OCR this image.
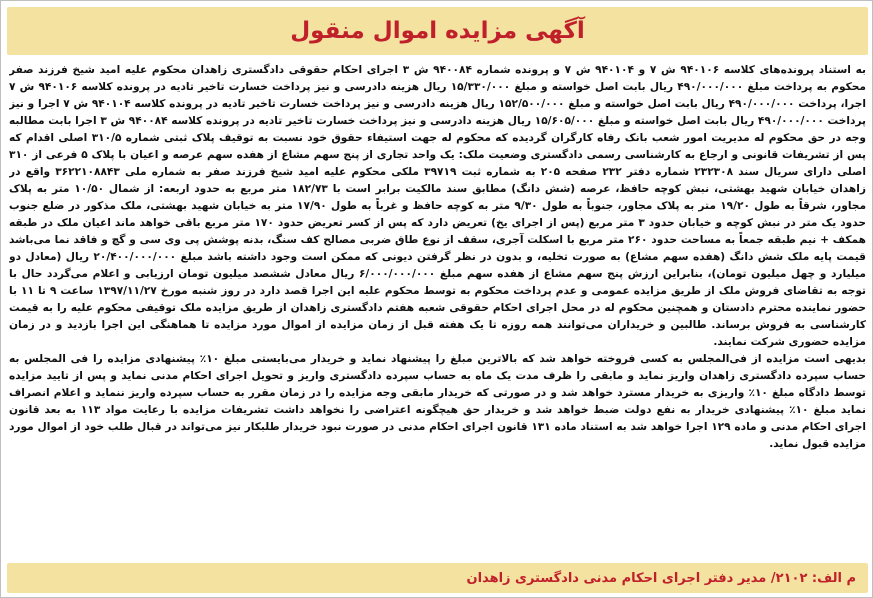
آگهی مزایده اموال منقول

به استناد پرونده‌های کلاسه ۹۴۰۱۰۶ ش ۷ و ۹۴۰۱۰۴ ش ۷ و پرونده شماره ۹۴۰۰۸۴ ش ۳ اجرای احکام حقوقی دادگستری زاهدان محکوم علیه امید شیخ فرزند صفر محکوم به پرداخت مبلغ ۴۹۰/۰۰۰/۰۰۰ ریال بابت اصل خواسته و مبلغ ۱۵/۳۳۰/۰۰۰ ریال هزینه دادرسی و نیز پرداخت خسارت تاخیر تادیه در پرونده کلاسه ۹۴۰۱۰۶ ش ۷ اجرا، پرداخت ۴۹۰/۰۰۰/۰۰۰ ریال بابت اصل خواسته و مبلغ ۱۵۲/۵۰۰/۰۰۰ ریال هزینه دادرسی و نیز پرداخت خسارت تاخیر تادیه در پرونده کلاسه ۹۴۰۱۰۴ ش ۷ اجرا و نیز پرداخت ۴۹۰/۰۰۰/۰۰۰ ریال بابت اصل خواسته و مبلغ ۱۵/۶۰۵/۰۰۰ ریال هزینه دادرسی و نیز پرداخت خسارت تاخیر تادیه در پرونده کلاسه ۹۴۰۰۸۴ ش ۳ اجرا بابت مطالبه وجه در حق محکوم له مدیریت امور شعب بانک رفاه کارگران گردیده که محکوم له جهت استیفاء حقوق خود نسبت به توقیف پلاک ثبتی شماره ۳۱۰/۵ اصلی اقدام که پس از تشریفات قانونی و ارجاع به کارشناسی رسمی دادگستری وضعیت ملک: یک واحد تجاری از پنج سهم مشاع از هفده سهم عرصه و اعیان با پلاک ۵ فرعی از ۳۱۰ اصلی دارای سریال سند ۲۳۲۳۰۸ شماره دفتر ۲۳۲ صفحه ۲۰۵ به شماره ثبت ۳۹۷۱۹ ملکی محکوم علیه امید شیخ فرزند صفر به شماره ملی ۳۶۲۲۱۰۸۸۴۳ واقع در زاهدان خیابان شهید بهشتی، نبش کوچه حافظ، عرصه (شش دانگ) مطابق سند مالکیت برابر است با ۱۸۲/۷۳ متر مربع به حدود اربعه: از شمال ۱۰/۵۰ متر به پلاک مجاور، شرقاً به طول ۱۹/۲۰ متر به پلاک مجاور، جنوباً به طول ۹/۳۰ متر به کوچه حافظ و غرباً به طول ۱۷/۹۰ متر به خیابان شهید بهشتی، ملک مذکور در ضلع جنوب حدود یک متر در نبش کوچه و خیابان حدود ۳ متر مربع (پس از اجرای یخ) تعریض دارد که پس از کسر تعریض حدود ۱۷۰ متر مربع باقی خواهد ماند اعیان ملک در طبقه همکف + نیم طبقه جمعاً به مساحت حدود ۲۶۰ متر مربع با اسکلت آجری، سقف از نوع طاق ضربی مصالح کف سنگ، بدنه پوشش پی وی سی و گچ و فاقد نما می‌باشد قیمت پایه ملک شش دانگ (هفده سهم مشاع) به صورت تخلیه، و بدون در نظر گرفتن دیونی که ممکن است وجود داشته باشد مبلغ ۲۰/۴۰۰/۰۰۰/۰۰۰ ریال (معادل دو میلیارد و چهل میلیون تومان)، بنابراین ارزش پنج سهم مشاع از هفده سهم مبلغ ۶/۰۰۰/۰۰۰/۰۰۰ ریال معادل ششصد میلیون تومان ارزیابی و اعلام می‌گردد حال با توجه به تقاضای فروش ملک از طریق مزایده عمومی و عدم پرداخت محکوم به توسط محکوم علیه این اجرا قصد دارد در روز شنبه مورخ ۱۳۹۷/۱۱/۲۷ ساعت ۹ تا ۱۱ با حضور نماینده محترم دادستان و همچنین محکوم له در محل اجرای احکام حقوقی شعبه هفتم دادگستری زاهدان از طریق مزایده ملک توقیفی محکوم علیه را به قیمت کارشناسی به فروش برساند. طالبین و خریداران می‌توانند همه روزه تا یک هفته قبل از زمان مزایده از اموال مورد مزایده تا هماهنگی این اجرا بازدید و در زمان مزایده حضوری شرکت نمایند.

بدیهی است مزایده از فی‌المجلس به کسی فروخته خواهد شد که بالاترین مبلغ را پیشنهاد نماید و خریدار می‌بایستی مبلغ ۱۰٪ پیشنهادی مزایده را فی المجلس به حساب سپرده دادگستری زاهدان واریز نماید و مابقی را ظرف مدت یک ماه به حساب سپرده دادگستری واریز و تحویل اجرای احکام مدنی نماید و پس از تایید مزایده توسط دادگاه مبلغ ۱۰٪ واریزی به خریدار مسترد خواهد شد و در صورتی که خریدار مابقی وجه مزایده را در زمان مقرر به حساب سپرده واریز ننماید و اعلام انصراف نماید مبلغ ۱۰٪ پیشنهادی خریدار به نفع دولت ضبط خواهد شد و خریدار حق هیچگونه اعتراضی را نخواهد داشت تشریفات مزایده با رعایت مواد ۱۱۳ به بعد قانون اجرای احکام مدنی و ماده ۱۲۹ اجرا خواهد شد به استناد ماده ۱۳۱ قانون اجرای احکام مدنی در صورت نبود خریدار طلبکار نیز می‌تواند در قبال طلب خود از اموال مورد مزایده قبول نماید.

م الف: ۲۱۰۲/ مدیر دفتر اجرای احکام مدنی دادگستری زاهدان
